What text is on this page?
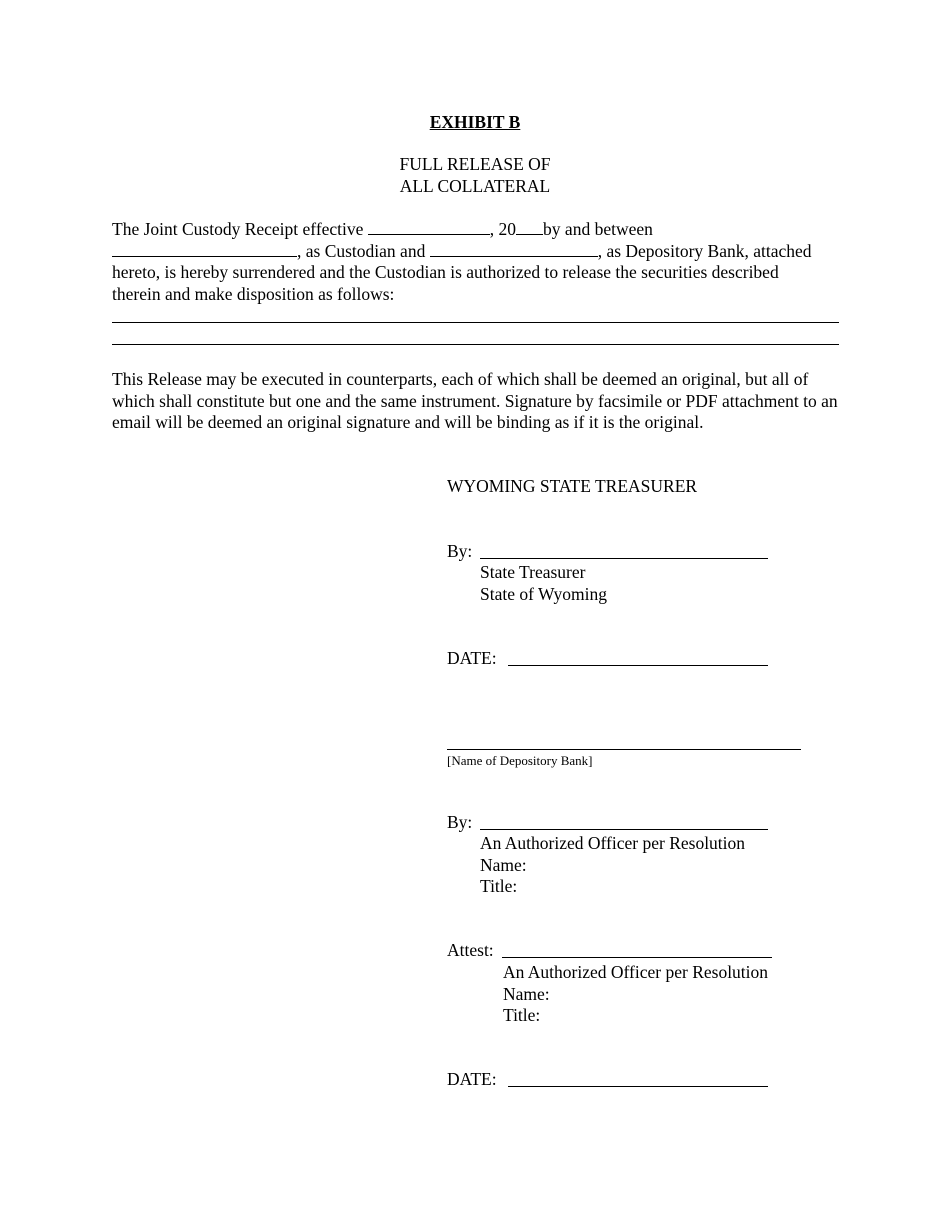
EXHIBIT B
FULL RELEASE OF
ALL COLLATERAL
The Joint Custody Receipt effective	, 20 by and between
, as Custodian and	, as Depository Bank, attached
hereto, is hereby surrendered and the Custodian is authorized to release the securities described
therein and make disposition as follows:
This Release may be executed in counterparts, each of which shall be deemed an original, but all of which shall constitute but one and the same instrument. Signature by facsimile or PDF attachment to an email will be deemed an original signature and will be binding as if it is the original.
WYOMING STATE TREASURER
By:
State Treasurer
State of Wyoming
DATE:
[Name of Depository Bank]
By:
An Authorized Officer per Resolution
Name:
Title:
Attest:
An Authorized Officer per Resolution
Name:
Title:
DATE:
